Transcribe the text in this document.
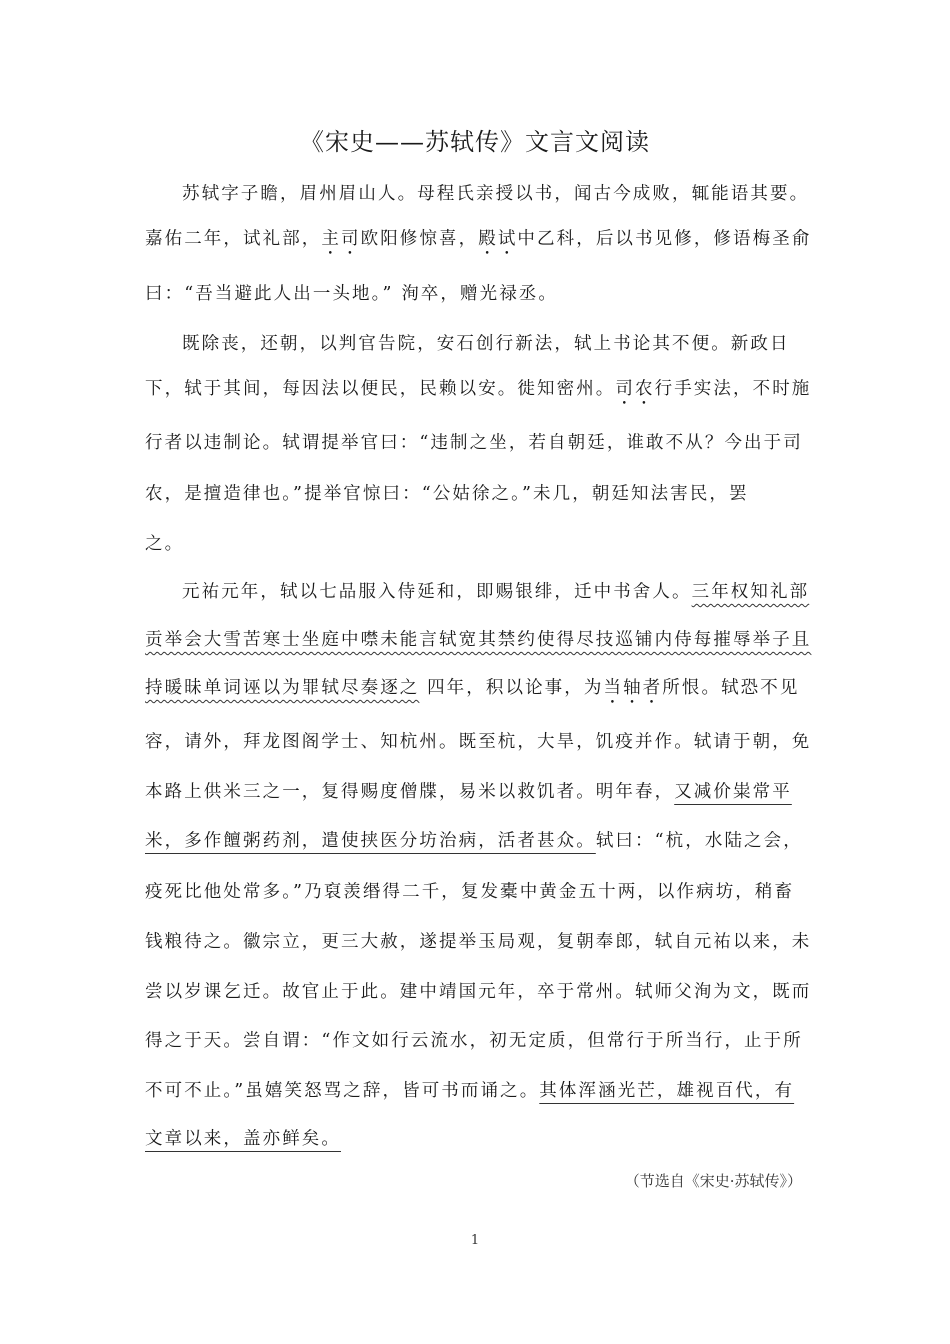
《宋史——苏轼传》文言文阅读
苏轼字子瞻，眉州眉山人。母程氏亲授以书，闻古今成败，辄能语其要。
嘉佑二年，试礼部，主司欧阳修惊喜，殿试中乙科，后以书见修，修语梅圣俞
曰：“吾当避此人出一头地。” 洵卒，赠光禄丞。
既除丧，还朝，以判官告院，安石创行新法，轼上书论其不便。新政日
下，轼于其间，每因法以便民，民赖以安。徙知密州。司农行手实法，不时施
行者以违制论。轼谓提举官曰：“违制之坐，若自朝廷，谁敢不从？今出于司
农，是擅造律也。”提举官惊曰：“公姑徐之。”未几，朝廷知法害民，罢
之。
元祐元年，轼以七品服入侍延和，即赐银绯，迁中书舍人。三年权知礼部
贡举会大雪苦寒士坐庭中噤未能言轼宽其禁约使得尽技巡铺内侍每摧辱举子且
持暖昧单词诬以为罪轼尽奏逐之 四年，积以论事，为当轴者所恨。轼恐不见
容，请外，拜龙图阁学士、知杭州。既至杭，大旱，饥疫并作。轼请于朝，免
本路上供米三之一，复得赐度僧牒，易米以救饥者。明年春，又减价粜常平
米，多作饘粥药剂，遣使挟医分坊治病，活者甚众。轼曰：“杭，水陆之会，
疫死比他处常多。”乃裒羡缗得二千，复发橐中黄金五十两，以作病坊，稍畜
钱粮待之。徽宗立，更三大赦，遂提举玉局观，复朝奉郎，轼自元祐以来，未
尝以岁课乞迁。故官止于此。建中靖国元年，卒于常州。轼师父洵为文，既而
得之于天。尝自谓：“作文如行云流水，初无定质，但常行于所当行，止于所
不可不止。”虽嬉笑怒骂之辞，皆可书而诵之。其体浑涵光芒，雄视百代，有
文章以来，盖亦鲜矣。
（节选自《宋史·苏轼传》）
1
